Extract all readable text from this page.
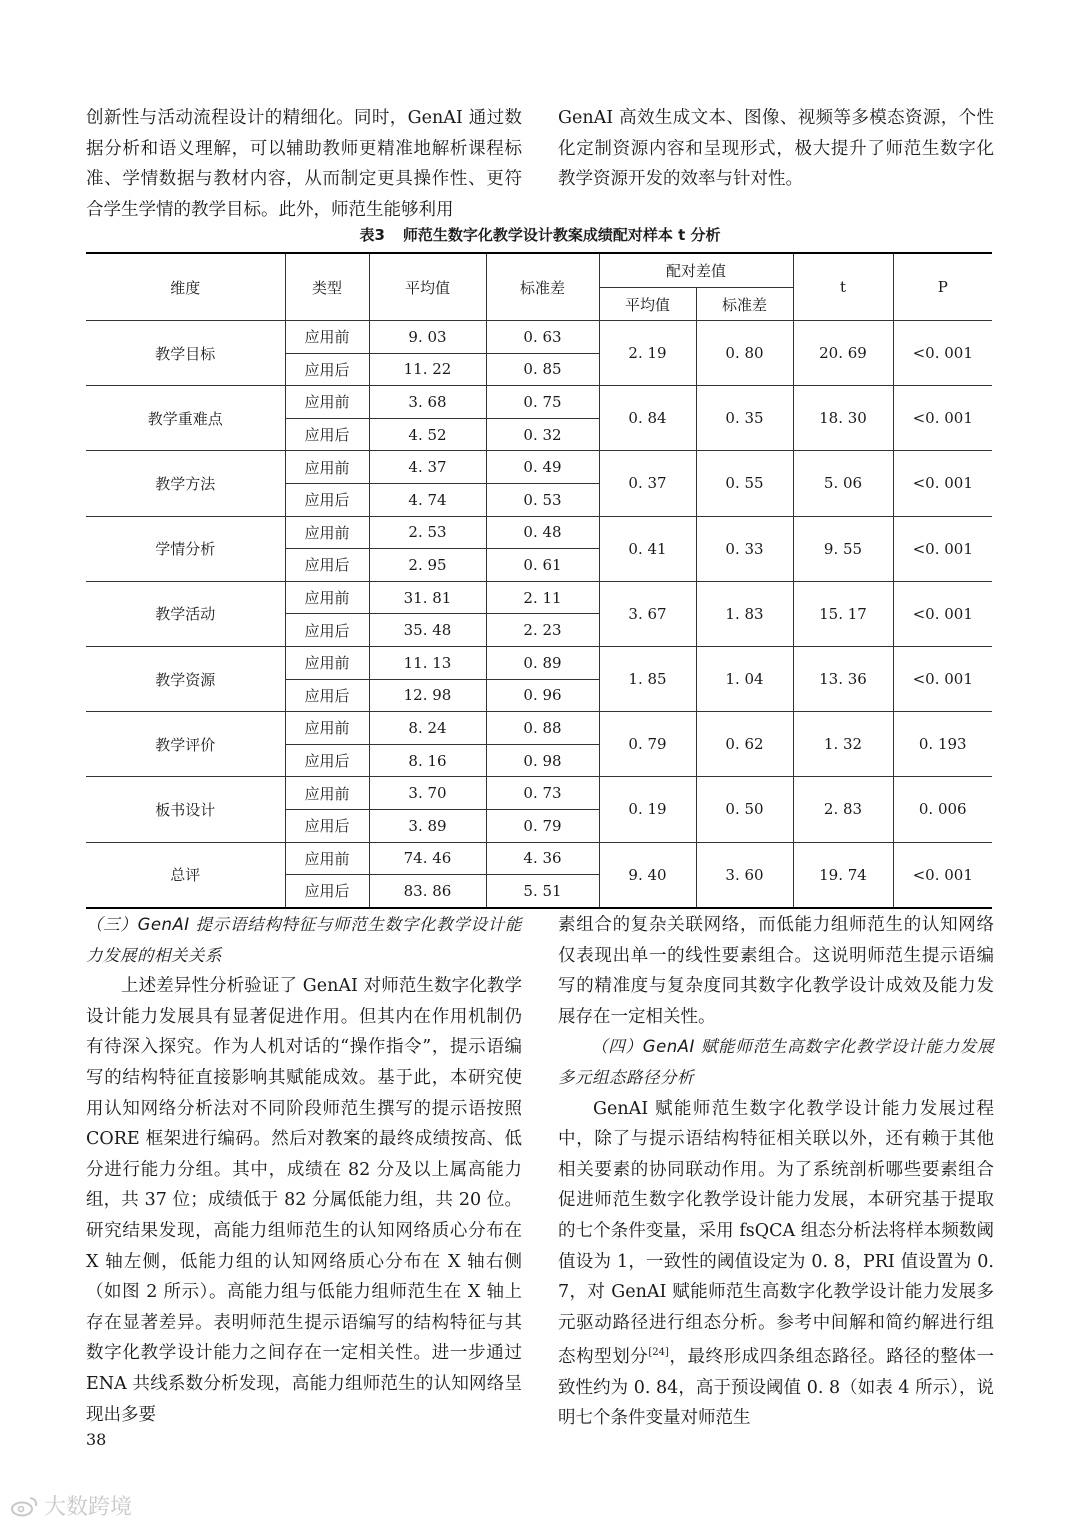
创新性与活动流程设计的精细化。同时，GenAI 通过数据分析和语义理解，可以辅助教师更精准地解析课程标准、学情数据与教材内容，从而制定更具操作性、更符合学生学情的教学目标。此外，师范生能够利用

GenAI 高效生成文本、图像、视频等多模态资源，个性化定制资源内容和呈现形式，极大提升了师范生数字化教学资源开发的效率与针对性。

表3 师范生数字化教学设计教案成绩配对样本 t 分析
维度	类型	平均值	标准差	配对差值		t	P
				平均值	标准差		
教学目标	应用前	9. 03	0. 63	2. 19	0. 80	20. 69	<0. 001
	应用后	11. 22	0. 85				
教学重难点	应用前	3. 68	0. 75	0. 84	0. 35	18. 30	<0. 001
	应用后	4. 52	0. 32				
教学方法	应用前	4. 37	0. 49	0. 37	0. 55	5. 06	<0. 001
	应用后	4. 74	0. 53				
学情分析	应用前	2. 53	0. 48	0. 41	0. 33	9. 55	<0. 001
	应用后	2. 95	0. 61				
教学活动	应用前	31. 81	2. 11	3. 67	1. 83	15. 17	<0. 001
	应用后	35. 48	2. 23				
教学资源	应用前	11. 13	0. 89	1. 85	1. 04	13. 36	<0. 001
	应用后	12. 98	0. 96				
教学评价	应用前	8. 24	0. 88	0. 79	0. 62	1. 32	0. 193
	应用后	8. 16	0. 98				
板书设计	应用前	3. 70	0. 73	0. 19	0. 50	2. 83	0. 006
	应用后	3. 89	0. 79				
总评	应用前	74. 46	4. 36	9. 40	3. 60	19. 74	<0. 001
	应用后	83. 86	5. 51				

（三）GenAI 提示语结构特征与师范生数字化教学设计能力发展的相关关系

上述差异性分析验证了 GenAI 对师范生数字化教学设计能力发展具有显著促进作用。但其内在作用机制仍有待深入探究。作为人机对话的“操作指令”，提示语编写的结构特征直接影响其赋能成效。基于此，本研究使用认知网络分析法对不同阶段师范生撰写的提示语按照 CORE 框架进行编码。然后对教案的最终成绩按高、低分进行能力分组。其中，成绩在 82 分及以上属高能力组，共 37 位；成绩低于 82 分属低能力组，共 20 位。研究结果发现，高能力组师范生的认知网络质心分布在 X 轴左侧，低能力组的认知网络质心分布在 X 轴右侧（如图 2 所示）。高能力组与低能力组师范生在 X 轴上存在显著差异。表明师范生提示语编写的结构特征与其数字化教学设计能力之间存在一定相关性。进一步通过 ENA 共线系数分析发现，高能力组师范生的认知网络呈现出多要

素组合的复杂关联网络，而低能力组师范生的认知网络仅表现出单一的线性要素组合。这说明师范生提示语编写的精准度与复杂度同其数字化教学设计成效及能力发展存在一定相关性。

（四）GenAI 赋能师范生高数字化教学设计能力发展多元组态路径分析

GenAI 赋能师范生数字化教学设计能力发展过程中，除了与提示语结构特征相关联以外，还有赖于其他相关要素的协同联动作用。为了系统剖析哪些要素组合促进师范生数字化教学设计能力发展，本研究基于提取的七个条件变量，采用 fsQCA 组态分析法将样本频数阈值设为 1，一致性的阈值设定为 0. 8，PRI 值设置为 0. 7，对 GenAI 赋能师范生高数字化教学设计能力发展多元驱动路径进行组态分析。参考中间解和简约解进行组态构型划分[24]，最终形成四条组态路径。路径的整体一致性约为 0. 84，高于预设阈值 0. 8（如表 4 所示），说明七个条件变量对师范生

38
大数跨境
